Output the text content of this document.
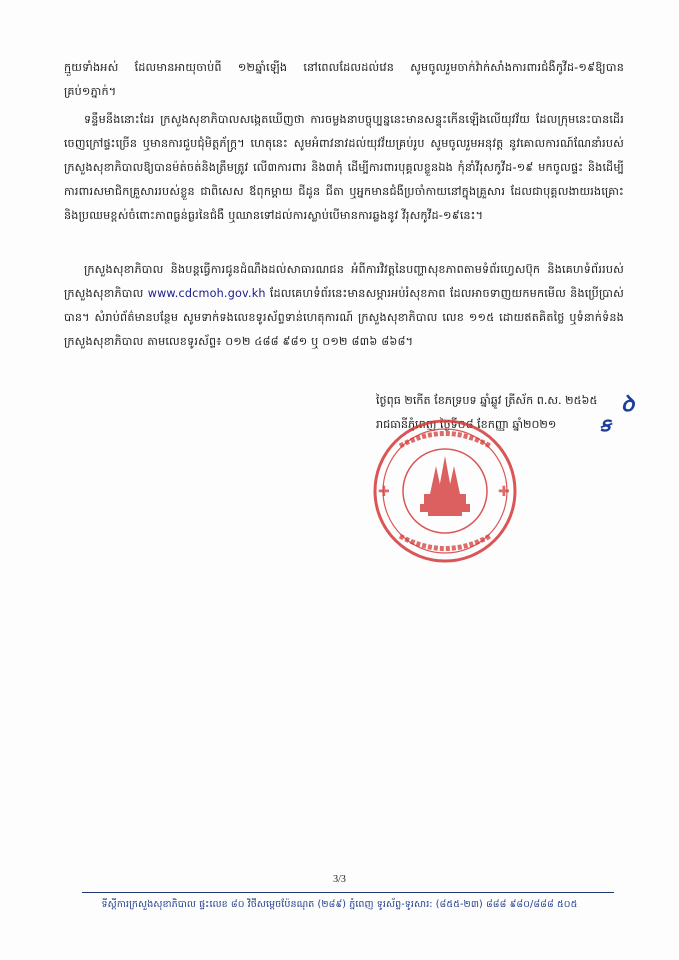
ក្មួយទាំងអស់ ដែលមានអាយុចាប់ពី ១២ឆ្នាំឡើង នៅពេលដែលដល់វេន សូមចូលរួមចាក់វ៉ាក់សាំងការពារជំងឺកូវីដ-១៩ឱ្យបានគ្រប់១ភ្នាក់។

ទន្ទឹមនឹងនោះដែរ ក្រសួងសុខាភិបាលសង្កេតឃើញថា ការចម្លងនាបច្ចុប្បន្ននេះមានសន្ទុះកើនឡើងលើយុវវ័យ ដែលក្រុមនេះបានដើរចេញក្រៅផ្ទះច្រើន ឬមានការជួបជុំមិត្តភ័ក្ត្រ។ ហេតុនេះ សូមអំពាវនាវដល់យុវវ័យគ្រប់រូប សូមចូលរួមអនុវត្ត នូវគោលការណ៍ណែនាំរបស់ក្រសួងសុខាភិបាលឱ្យបានម៉ត់ចត់និងត្រឹមត្រូវ លើ៣ការពារ និង៣កុំ ដើម្បីការពារបុគ្គលខ្លួនឯង កុំនាំវីរុសកូវីដ-១៩ មកចូលផ្ទះ និងដើម្បីការពារសមាជិកគ្រួសាររបស់ខ្លួន ជាពិសេស ឪពុកម្ដាយ ជីដូន ជីតា ឬអ្នកមានជំងឺប្រចាំកាយនៅក្នុងគ្រួសារ ដែលជាបុគ្គលងាយរងគ្រោះ និងប្រឈមខ្ពស់ចំពោះភាពធ្ងន់ធ្ងរនៃជំងឺ ឬឈានទៅដល់ការស្លាប់បើមានការឆ្លងនូវ វីរុសកូវីដ-១៩នេះ។

ក្រសួងសុខាភិបាល និងបន្តធ្វើការជូនដំណឹងដល់សាធារណជន អំពីការវិវត្តនៃបញ្ហាសុខភាពតាមទំព័រហ្វេសប៊ុក និងគេហទំព័ររបស់ក្រសួងសុខាភិបាល www.cdcmoh.gov.kh ដែលគេហទំព័រនេះមានសម្ភារអប់រំសុខភាព ដែលអាចទាញយកមកមើល និងប្រើប្រាស់បាន។ សំរាប់ព័ត៌មានបន្ថែម សូមទាក់ទងលេខទូរស័ព្ទទាន់ហេតុការណ៍ ក្រសួងសុខាភិបាល លេខ ១១៥ ដោយឥតគិតថ្លៃ ឬទំនាក់ទំនងក្រសួងសុខាភិបាល តាមលេខទូរស័ព្ទ៖ ០១២ ៤៨៨ ៩៨១ ឬ ០១២ ៨៣៦ ៨៦៨។

ថ្ងៃពុធ ២កើត ខែភទ្របទ ឆ្នាំឆ្លូវ ត្រីស័ក ព.ស. ២៥៦៥
រាជធានីភ្នំពេញ ថ្ងៃទី០៨ ខែកញ្ញា ឆ្នាំ២០២១
ꝺ
ꞩ
✚	✚
3/3
ទីស្តីការក្រសួងសុខាភិបាល ផ្ទះលេខ ៨០ វិថីសម្ដេចប៉ែនណុត (២៨៩) ភ្នំពេញ ទូរស័ព្ទ-ទូរសារ: (៨៥៥-២៣) ៨៨៨ ៩៨០/៨៨៨ ៥០៥
